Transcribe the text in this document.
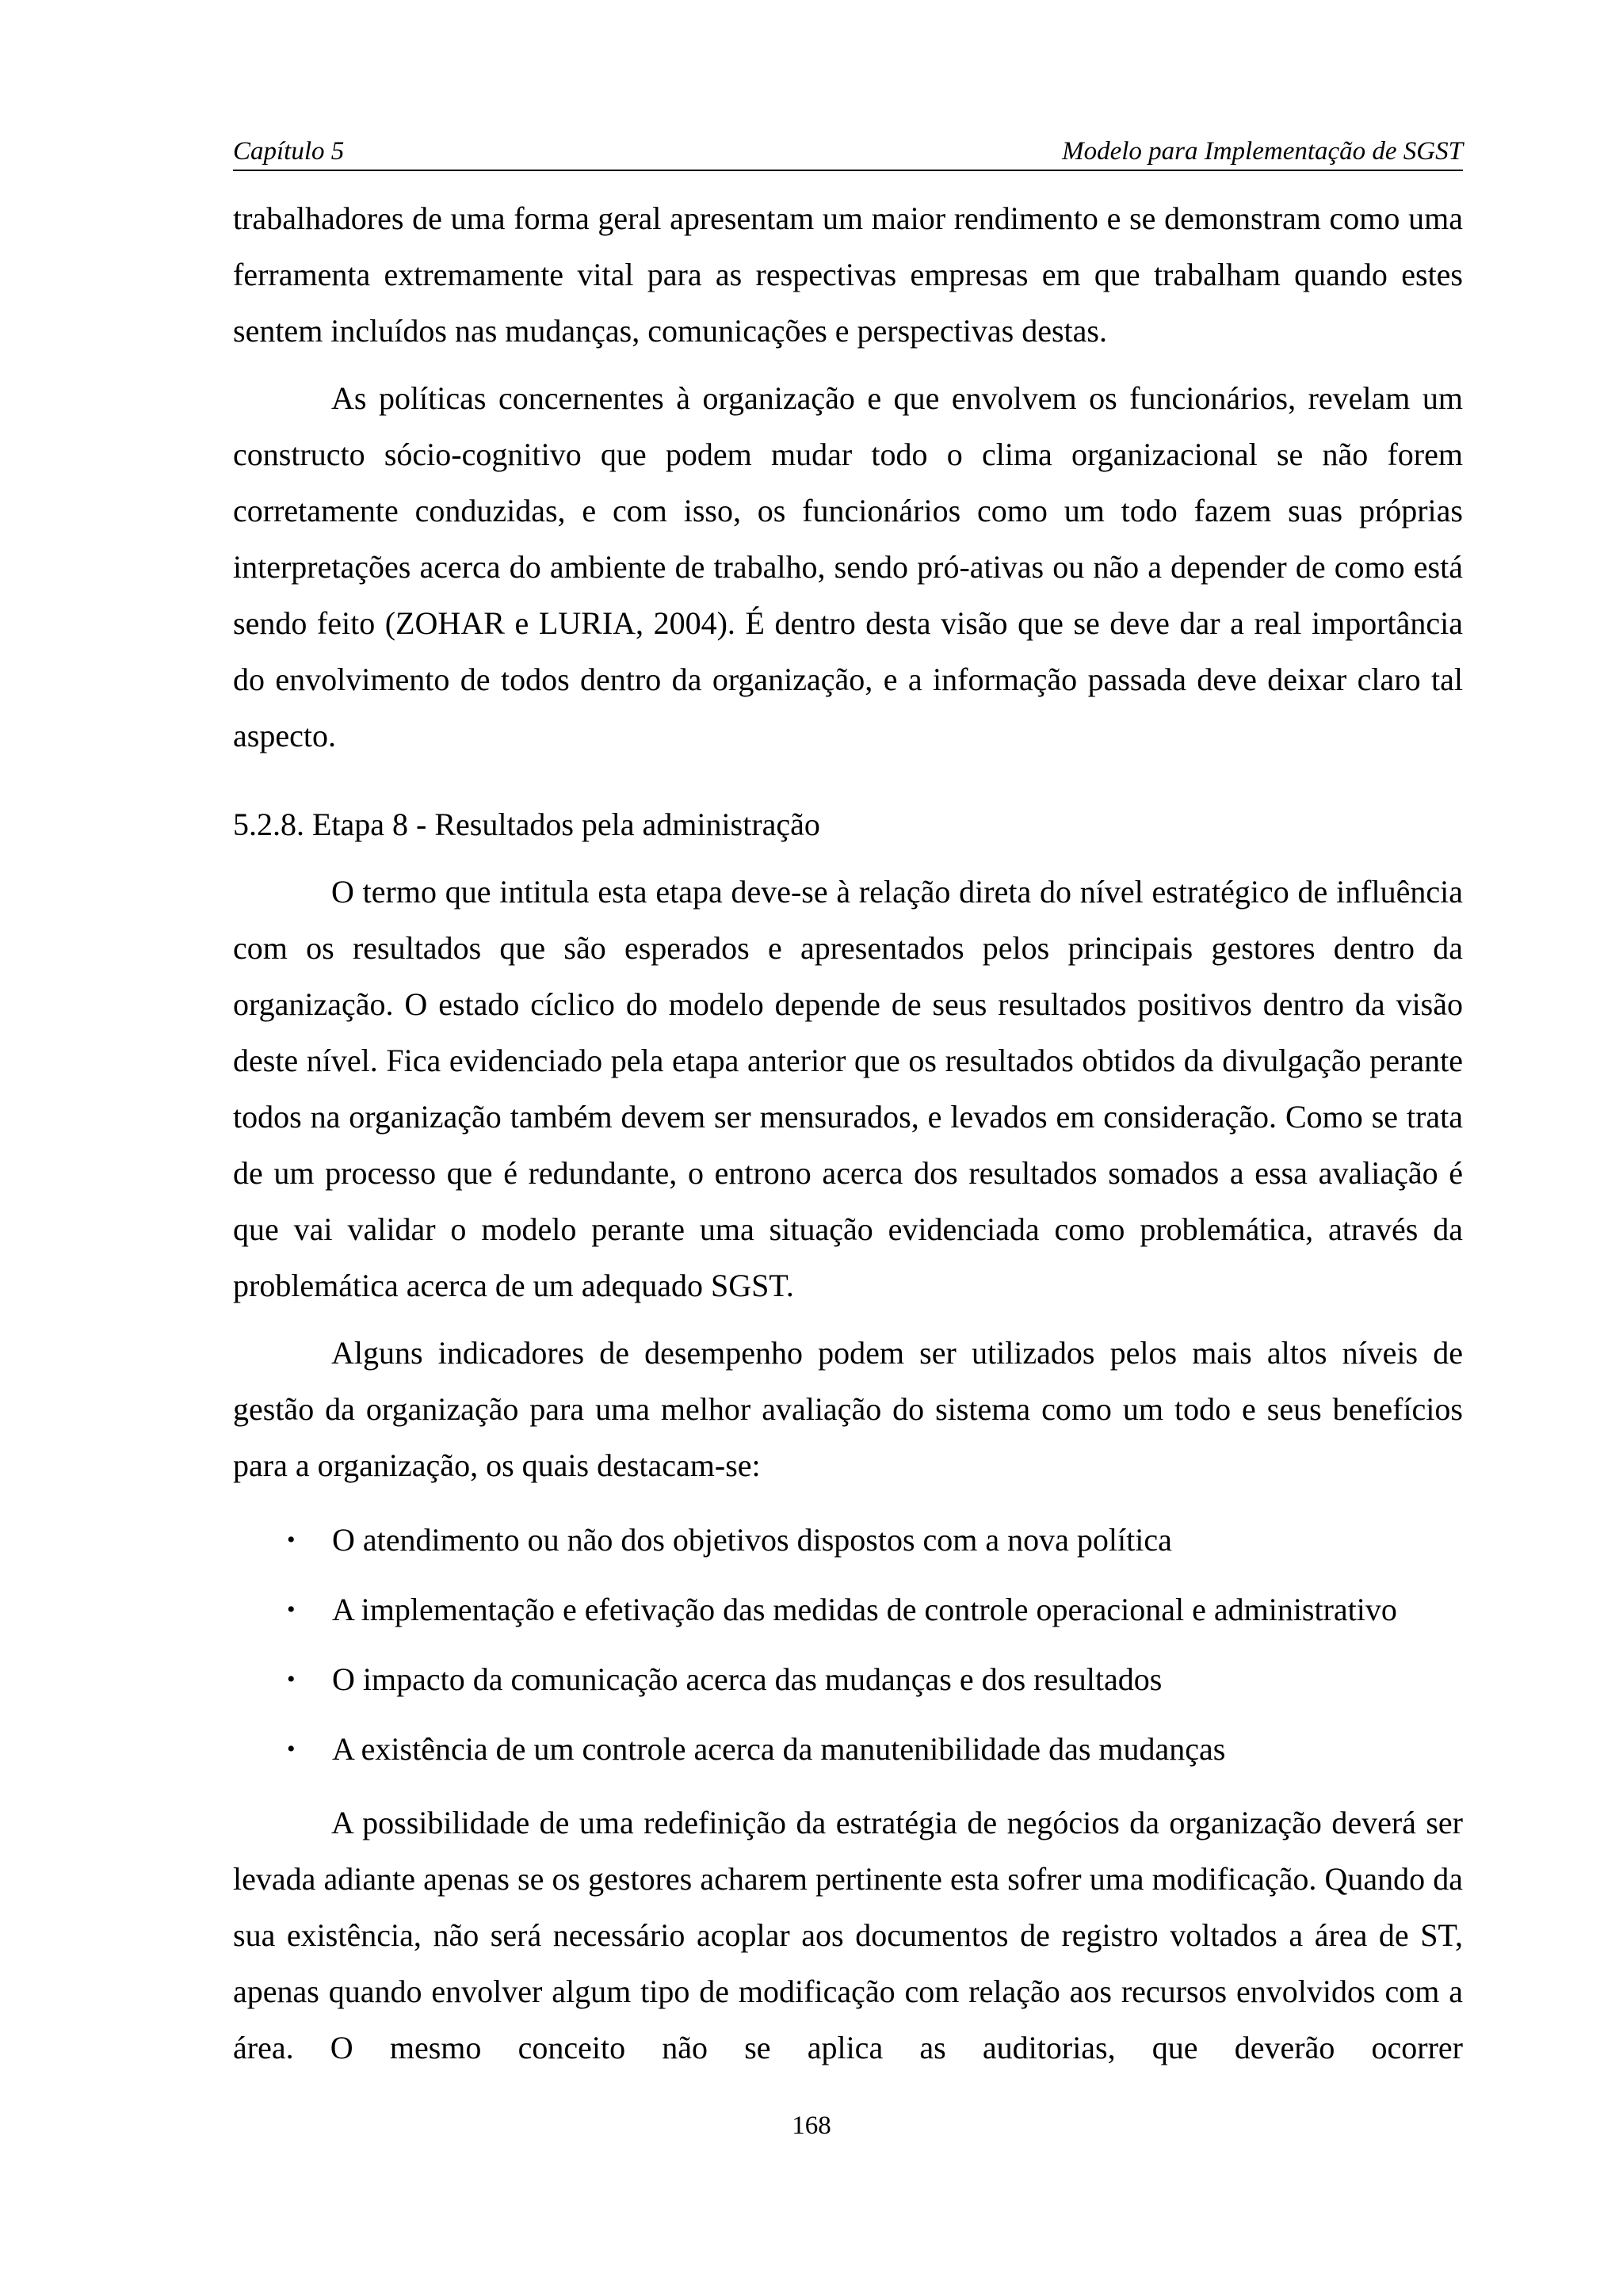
Capítulo 5	Modelo para Implementação de SGST

trabalhadores de uma forma geral apresentam um maior rendimento e se demonstram como uma ferramenta extremamente vital para as respectivas empresas em que trabalham quando estes sentem incluídos nas mudanças, comunicações e perspectivas destas.

As políticas concernentes à organização e que envolvem os funcionários, revelam um constructo sócio-cognitivo que podem mudar todo o clima organizacional se não forem corretamente conduzidas, e com isso, os funcionários como um todo fazem suas próprias interpretações acerca do ambiente de trabalho, sendo pró-ativas ou não a depender de como está sendo feito (ZOHAR e LURIA, 2004). É dentro desta visão que se deve dar a real importância do envolvimento de todos dentro da organização, e a informação passada deve deixar claro tal aspecto.

5.2.8. Etapa 8 - Resultados pela administração

O termo que intitula esta etapa deve-se à relação direta do nível estratégico de influência com os resultados que são esperados e apresentados pelos principais gestores dentro da organização. O estado cíclico do modelo depende de seus resultados positivos dentro da visão deste nível. Fica evidenciado pela etapa anterior que os resultados obtidos da divulgação perante todos na organização também devem ser mensurados, e levados em consideração. Como se trata de um processo que é redundante, o entrono acerca dos resultados somados a essa avaliação é que vai validar o modelo perante uma situação evidenciada como problemática, através da problemática acerca de um adequado SGST.

Alguns indicadores de desempenho podem ser utilizados pelos mais altos níveis de gestão da organização para uma melhor avaliação do sistema como um todo e seus benefícios para a organização, os quais destacam-se:

• O atendimento ou não dos objetivos dispostos com a nova política
• A implementação e efetivação das medidas de controle operacional e administrativo
• O impacto da comunicação acerca das mudanças e dos resultados
• A existência de um controle acerca da manutenibilidade das mudanças

A possibilidade de uma redefinição da estratégia de negócios da organização deverá ser levada adiante apenas se os gestores acharem pertinente esta sofrer uma modificação. Quando da sua existência, não será necessário acoplar aos documentos de registro voltados a área de ST, apenas quando envolver algum tipo de modificação com relação aos recursos envolvidos com a área. O mesmo conceito não se aplica as auditorias, que deverão ocorrer

168
